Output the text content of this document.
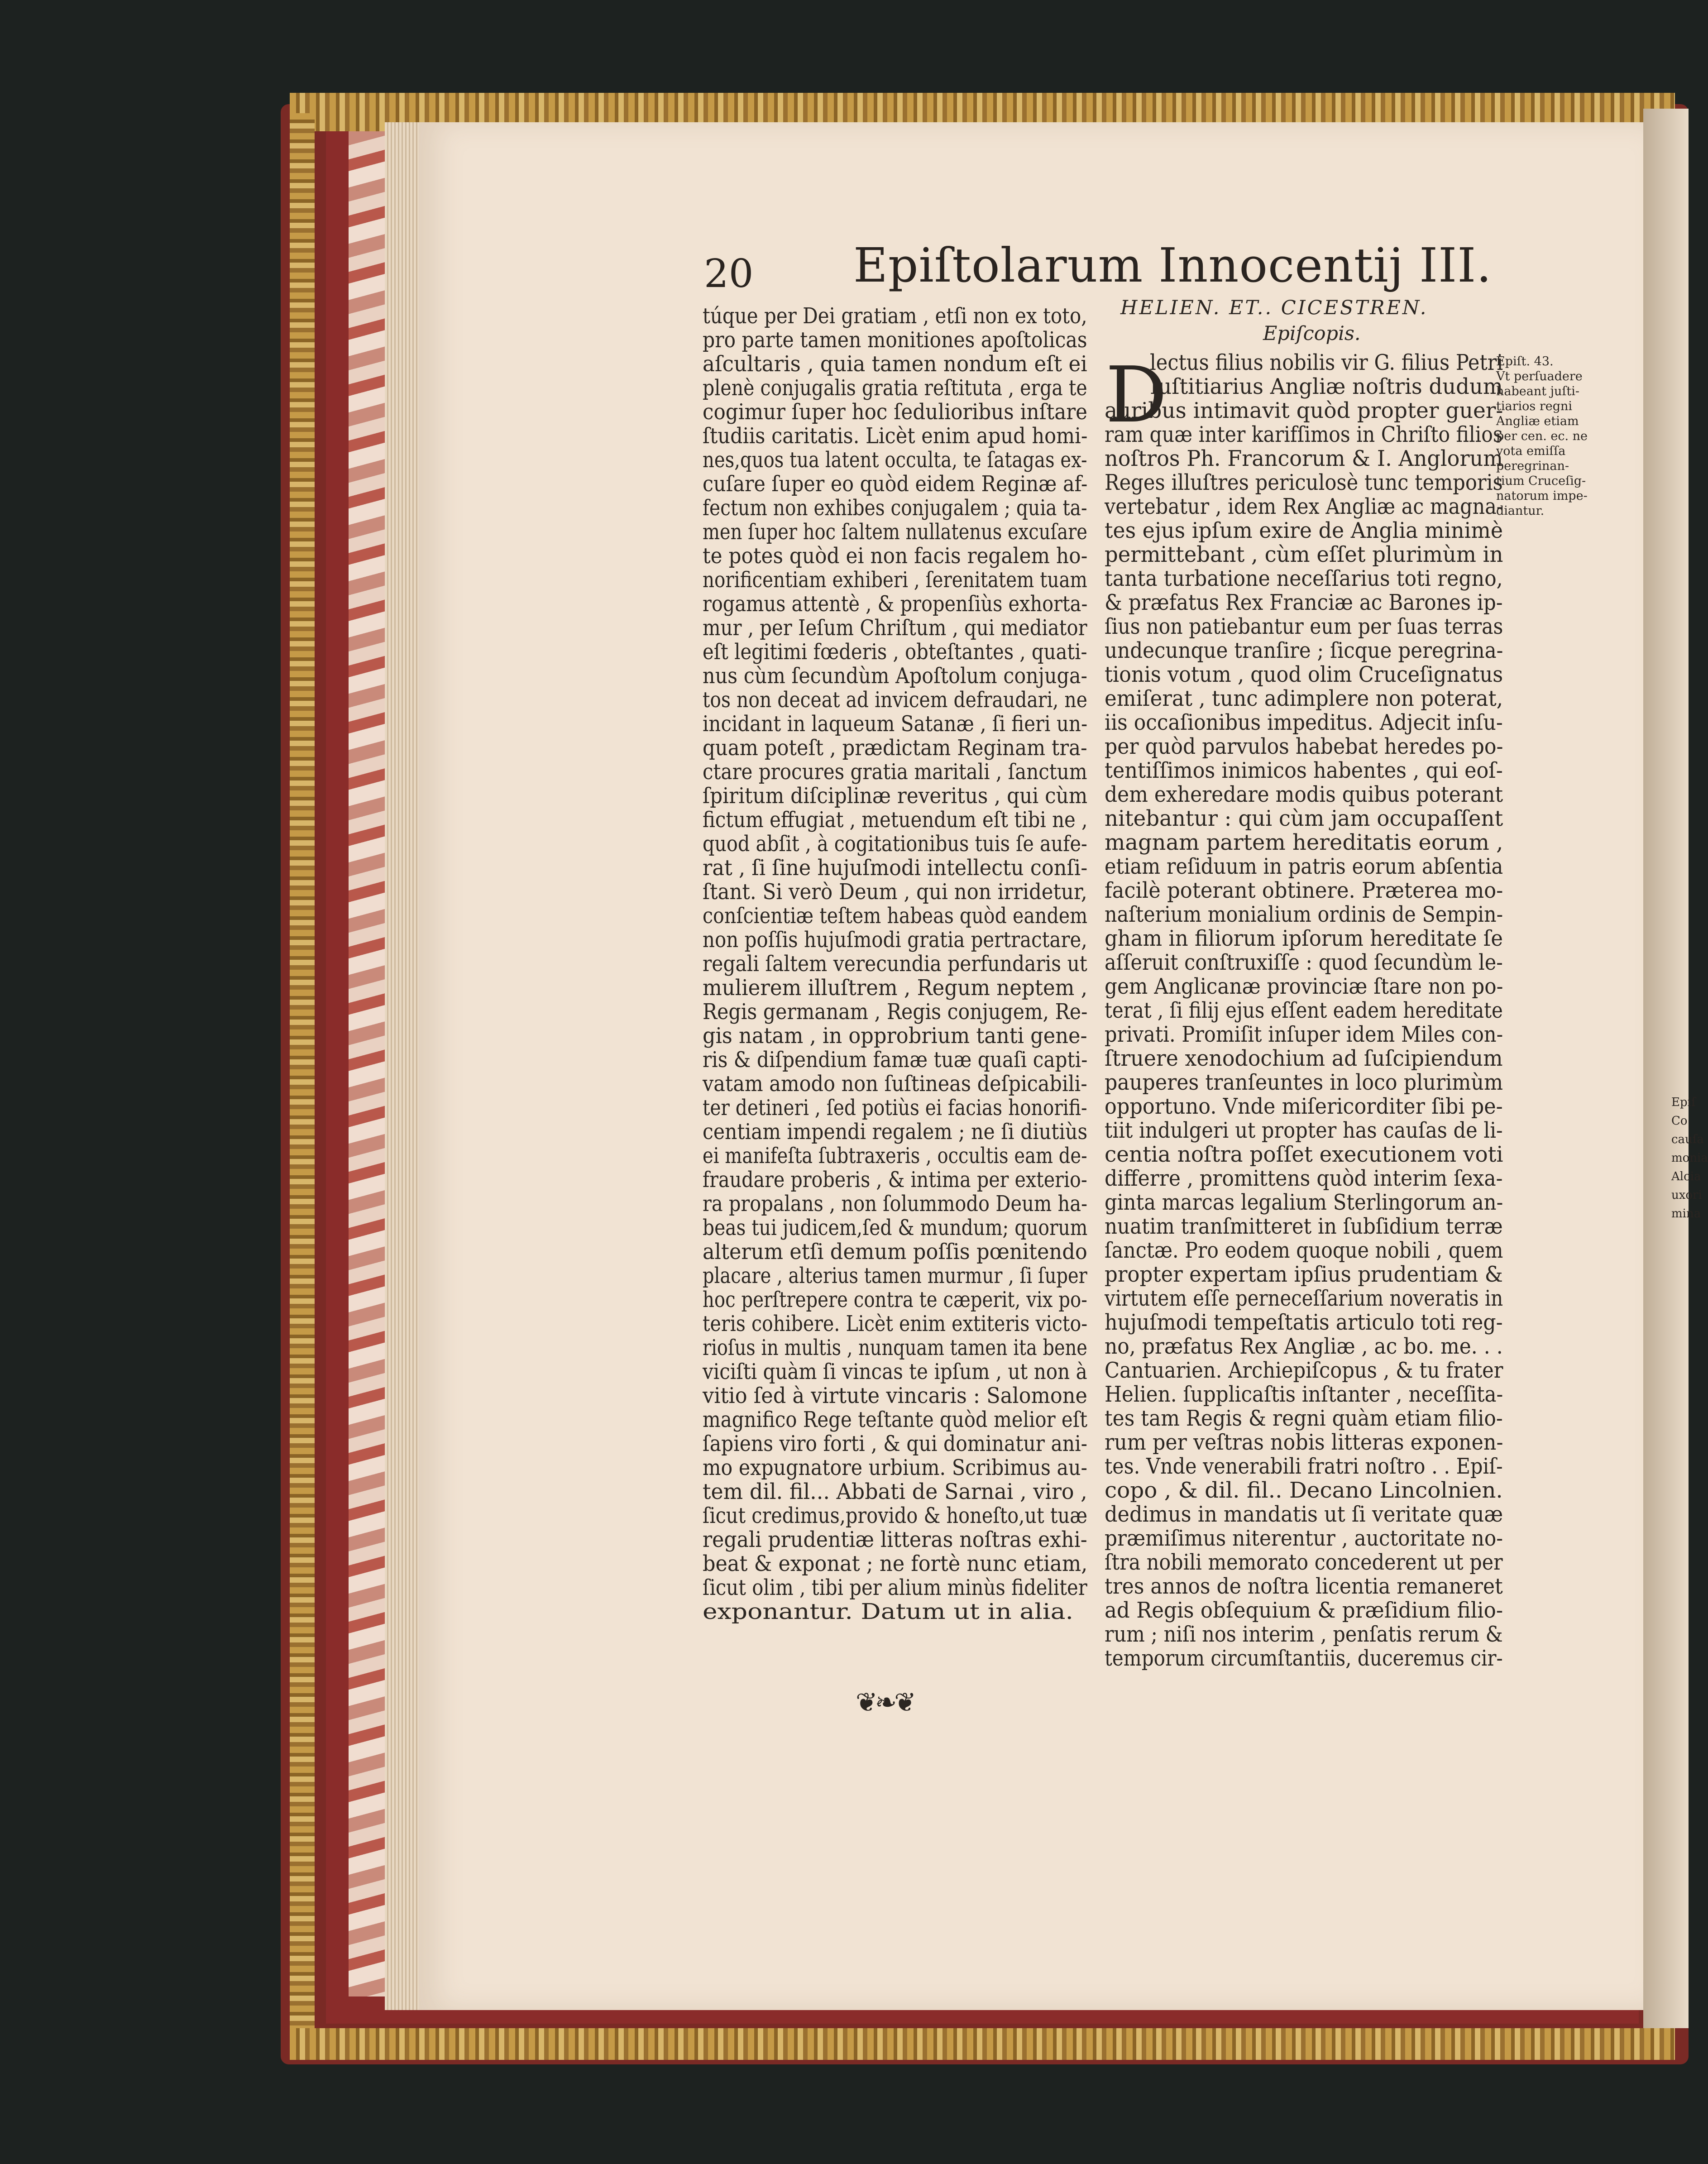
20 Epiſtolarum Innocentij III.
túque per Dei gratiam , etſi non ex toto,
pro parte tamen monitiones apoſtolicas
aſcultaris , quia tamen nondum eſt ei
plenè conjugalis gratia reſtituta , erga te
cogimur ſuper hoc ſedulioribus inſtare
ſtudiis caritatis. Licèt enim apud homi-
nes,quos tua latent occulta, te ſatagas ex-
cuſare ſuper eo quòd eidem Reginæ af-
fectum non exhibes conjugalem ; quia ta-
men ſuper hoc ſaltem nullatenus excuſare
te potes quòd ei non facis regalem ho-
norificentiam exhiberi , ſerenitatem tuam
rogamus attentè , & propenſiùs exhorta-
mur , per Ieſum Chriſtum , qui mediator
eſt legitimi fœderis , obteſtantes , quati-
nus cùm ſecundùm Apoſtolum conjuga-
tos non deceat ad invicem defraudari, ne
incidant in laqueum Satanæ , ſi fieri un-
quam poteſt , prædictam Reginam tra-
ctare procures gratia maritali , ſanctum
ſpiritum diſciplinæ reveritus , qui cùm
fictum effugiat , metuendum eſt tibi ne ,
quod abſit , à cogitationibus tuis ſe aufe-
rat , ſi ſine hujuſmodi intellectu conſi-
ſtant. Si verò Deum , qui non irridetur,
conſcientiæ teſtem habeas quòd eandem
non poſſis hujuſmodi gratia pertractare,
regali ſaltem verecundia perfundaris ut
mulierem illuſtrem , Regum neptem ,
Regis germanam , Regis conjugem, Re-
gis natam , in opprobrium tanti gene-
ris & diſpendium famæ tuæ quaſi capti-
vatam amodo non ſuſtineas deſpicabili-
ter detineri , ſed potiùs ei facias honorifi-
centiam impendi regalem ; ne ſi diutiùs
ei manifeſta ſubtraxeris , occultis eam de-
fraudare proberis , & intima per exterio-
ra propalans , non ſolummodo Deum ha-
beas tui judicem,ſed & mundum; quorum
alterum etſi demum poſſis pœnitendo
placare , alterius tamen murmur , ſi ſuper
hoc perſtrepere contra te cæperit, vix po-
teris cohibere. Licèt enim extiteris victo-
rioſus in multis , nunquam tamen ita bene
viciſti quàm ſi vincas te ipſum , ut non à
vitio ſed à virtute vincaris : Salomone
magnifico Rege teſtante quòd melior eſt
ſapiens viro forti , & qui dominatur ani-
mo expugnatore urbium. Scribimus au-
tem dil. fil... Abbati de Sarnai , viro ,
ſicut credimus,provido & honeſto,ut tuæ
regali prudentiæ litteras noſtras exhi-
beat & exponat ; ne fortè nunc etiam,
ſicut olim , tibi per alium minùs fideliter
exponantur. Datum ut in alia.
❦❧❦
HELIEN. ET.. CICESTREN.
Epiſcopis.
D
lectus filius nobilis vir G. filius Petri
Iuſtitiarius Angliæ noſtris dudum
auribus intimavit quòd propter guer-
ram quæ inter karifſimos in Chriſto filios
noſtros Ph. Francorum & I. Anglorum
Reges illuſtres periculosè tunc temporis
vertebatur , idem Rex Angliæ ac magna-
tes ejus ipſum exire de Anglia minimè
permittebant , cùm eſſet plurimùm in
tanta turbatione neceſſarius toti regno,
& præfatus Rex Franciæ ac Barones ip-
ſius non patiebantur eum per ſuas terras
undecunque tranſire ; ſicque peregrina-
tionis votum , quod olim Cruceſignatus
emiſerat , tunc adimplere non poterat,
iis occaſionibus impeditus. Adjecit inſu-
per quòd parvulos habebat heredes po-
tentiſſimos inimicos habentes , qui eoſ-
dem exheredare modis quibus poterant
nitebantur : qui cùm jam occupaſſent
magnam partem hereditatis eorum ,
etiam reſiduum in patris eorum abſentia
facilè poterant obtinere. Præterea mo-
naſterium monialium ordinis de Sempin-
gham in filiorum ipſorum hereditate ſe
aſſeruit conſtruxiſſe : quod ſecundùm le-
gem Anglicanæ provinciæ ſtare non po-
terat , ſi filij ejus eſſent eadem hereditate
privati. Promiſit inſuper idem Miles con-
ſtruere xenodochium ad ſuſcipiendum
pauperes tranſeuntes in loco plurimùm
opportuno. Vnde miſericorditer ſibi pe-
tiit indulgeri ut propter has cauſas de li-
centia noſtra poſſet executionem voti
differre , promittens quòd interim ſexa-
ginta marcas legalium Sterlingorum an-
nuatim tranſmitteret in ſubſidium terræ
ſanctæ. Pro eodem quoque nobili , quem
propter expertam ipſius prudentiam &
virtutem eſſe perneceſſarium noveratis in
hujuſmodi tempeſtatis articulo toti reg-
no, præfatus Rex Angliæ , ac bo. me. . .
Cantuarien. Archiepiſcopus , & tu frater
Helien. ſupplicaſtis inſtanter , neceſſita-
tes tam Regis & regni quàm etiam filio-
rum per veſtras nobis litteras exponen-
tes. Vnde venerabili fratri noſtro . . Epiſ-
copo , & dil. fil.. Decano Lincolnien.
dedimus in mandatis ut ſi veritate quæ
præmiſimus niterentur , auctoritate no-
ſtra nobili memorato concederent ut per
tres annos de noſtra licentia remaneret
ad Regis obſequium & præſidium filio-
rum ; niſi nos interim , penſatis rerum &
temporum circumſtantiis, duceremus cir-
Epiſt. 43.
Vt perſuadere
habeant juſti-
tiarios regni
Angliæ etiam
per cen. ec. ne
vota emiſſa
peregrinan-
tium Cruceſig-
natorum impe-
diantur.
Epiſ
Co
cauſa
monia
Alcia
uxori
mina
